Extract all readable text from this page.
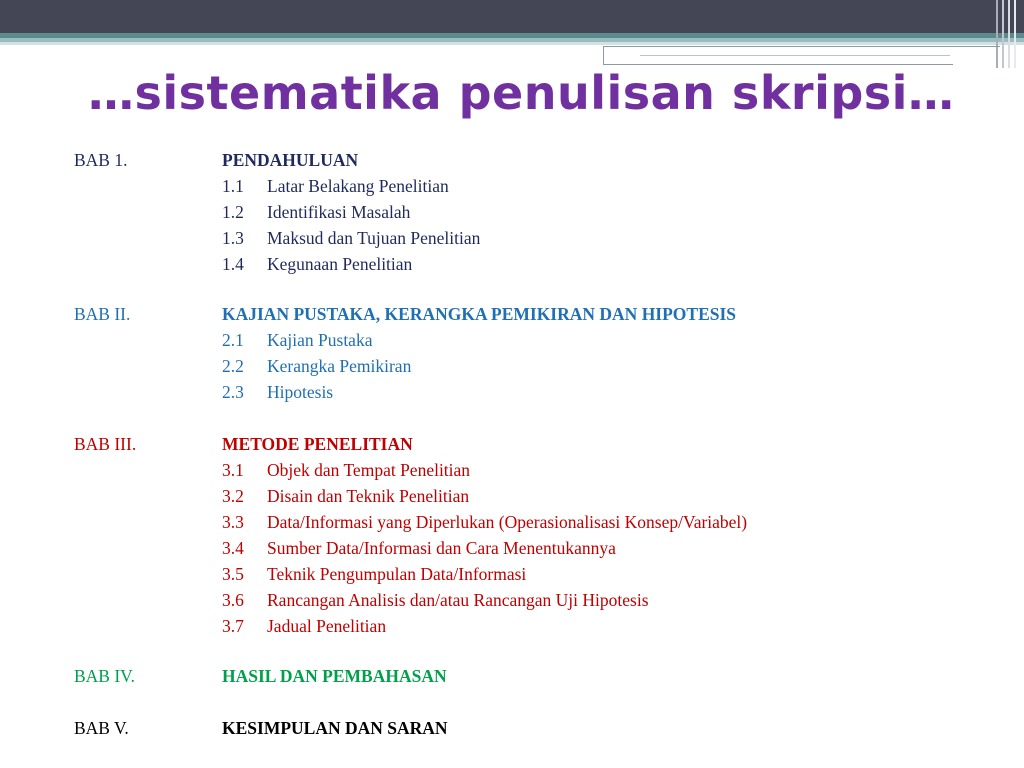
…sistematika penulisan skripsi…
BAB 1.	PENDAHULUAN
1.1 Latar Belakang Penelitian
1.2 Identifikasi Masalah
1.3 Maksud dan Tujuan Penelitian
1.4 Kegunaan Penelitian
BAB II.	KAJIAN PUSTAKA, KERANGKA PEMIKIRAN DAN HIPOTESIS
2.1 Kajian Pustaka
2.2 Kerangka Pemikiran
2.3 Hipotesis
BAB III.	METODE PENELITIAN
3.1 Objek dan Tempat Penelitian
3.2 Disain dan Teknik Penelitian
3.3 Data/Informasi yang Diperlukan (Operasionalisasi Konsep/Variabel)
3.4 Sumber Data/Informasi dan Cara Menentukannya
3.5 Teknik Pengumpulan Data/Informasi
3.6 Rancangan Analisis dan/atau Rancangan Uji Hipotesis
3.7 Jadual Penelitian
BAB IV.	HASIL DAN PEMBAHASAN
BAB V.	KESIMPULAN DAN SARAN
